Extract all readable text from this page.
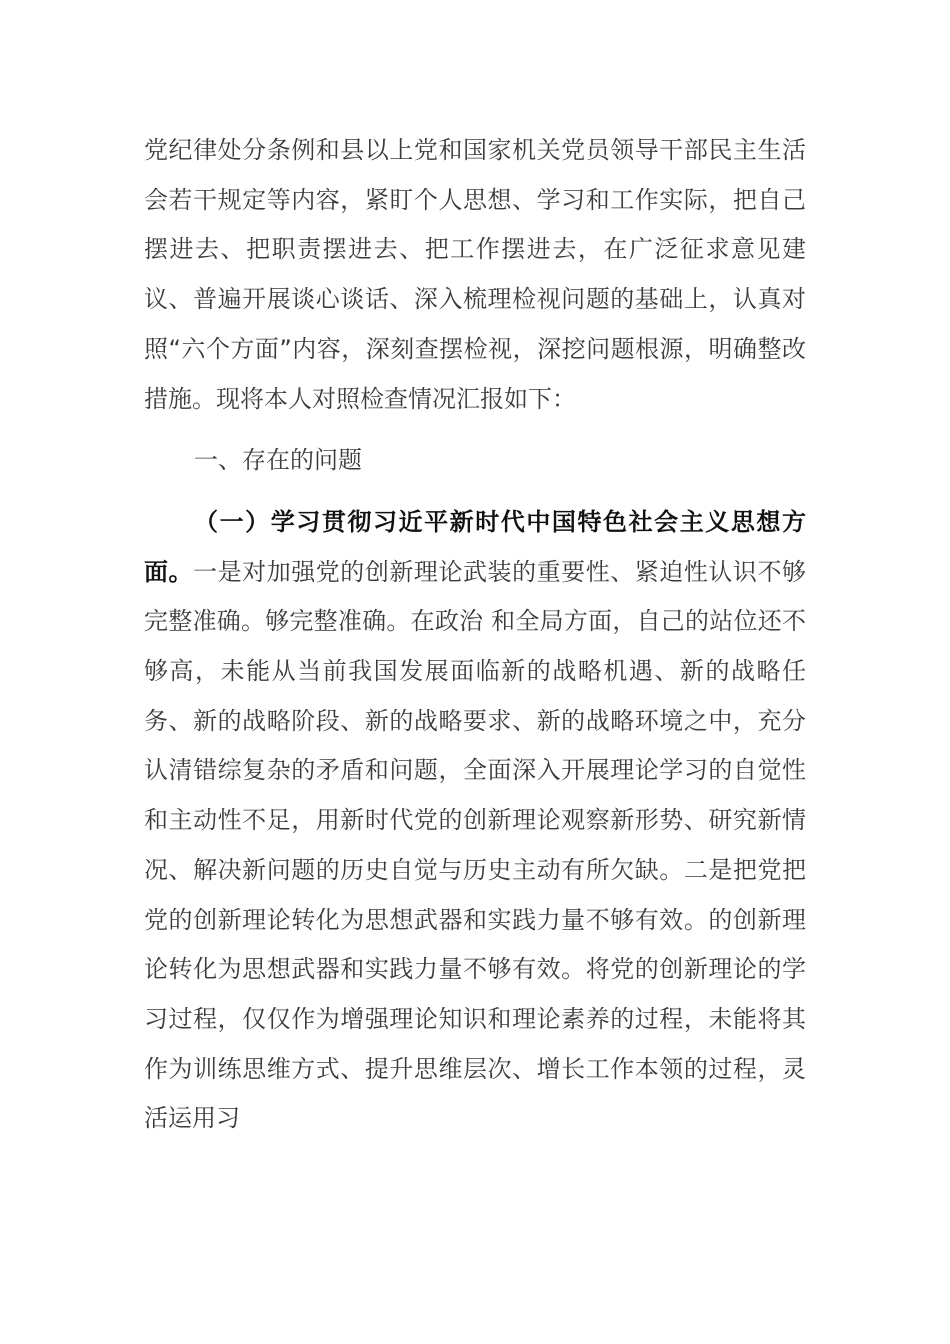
党纪律处分条例和县以上党和国家机关党员领导干部民主生活会若干规定等内容，紧盯个人思想、学习和工作实际，把自己摆进去、把职责摆进去、把工作摆进去，在广泛征求意见建议、普遍开展谈心谈话、深入梳理检视问题的基础上，认真对照“六个方面”内容，深刻查摆检视，深挖问题根源，明确整改措施。现将本人对照检查情况汇报如下：

一、存在的问题

（一）学习贯彻习近平新时代中国特色社会主义思想方面。一是对加强党的创新理论武装的重要性、紧迫性认识不够完整准确。够完整准确。在政治 和全局方面，自己的站位还不够高，未能从当前我国发展面临新的战略机遇、新的战略任务、新的战略阶段、新的战略要求、新的战略环境之中，充分认清错综复杂的矛盾和问题，全面深入开展理论学习的自觉性和主动性不足，用新时代党的创新理论观察新形势、研究新情况、解决新问题的历史自觉与历史主动有所欠缺。二是把党把党的创新理论转化为思想武器和实践力量不够有效。的创新理论转化为思想武器和实践力量不够有效。将党的创新理论的学习过程，仅仅作为增强理论知识和理论素养的过程，未能将其作为训练思维方式、提升思维层次、增长工作本领的过程，灵活运用习
